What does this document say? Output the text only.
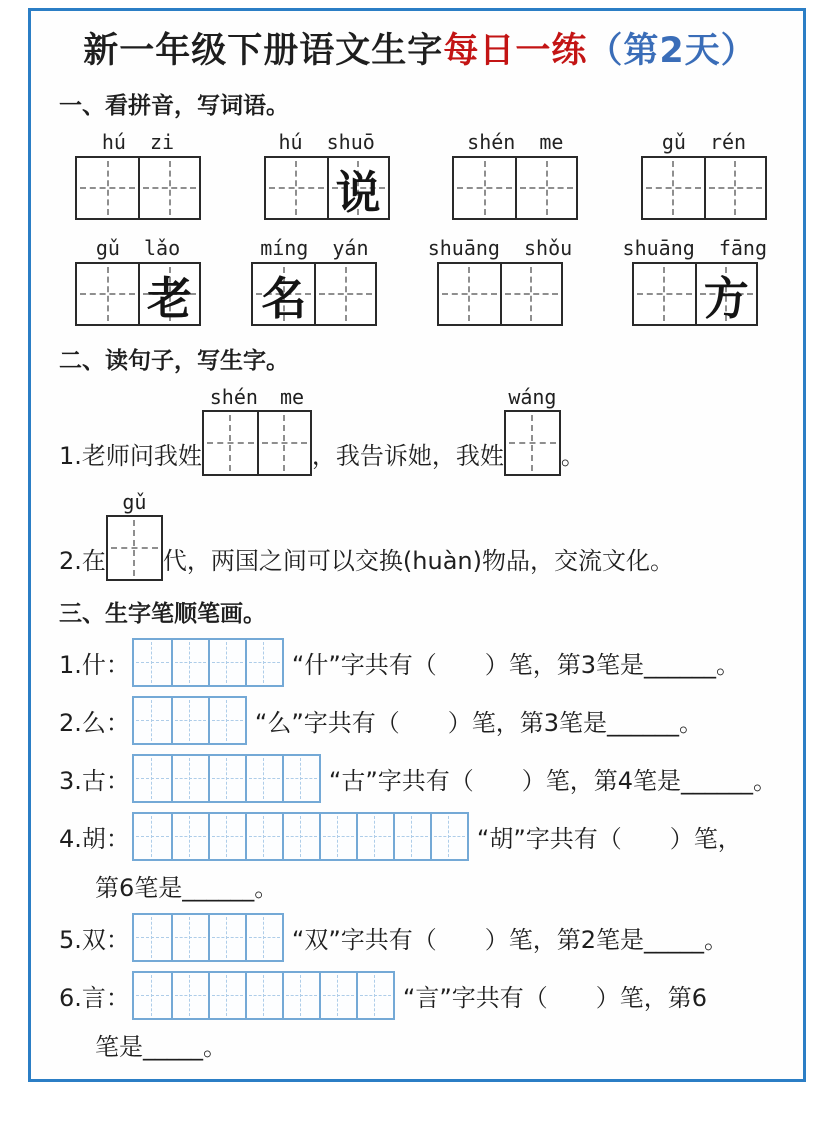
新一年级下册语文生字每日一练（第2天）
一、看拼音，写词语。
hú zi	hú shuō
说
shén me	gǔ rén
gǔ lǎo
老
míng yán
名
shuāng shǒu	shuāng fāng
方
二、读句子，写生字。
1.老师问我姓
shén me
，我告诉她，我姓
wáng
。
2.在
gǔ
代，两国之间可以交换(huàn)物品，交流文化。
三、生字笔顺笔画。
1.什：	“什”字共有（　　）笔，第3笔是______。
2.么：	“么”字共有（　　）笔，第3笔是______。
3.古：	“古”字共有（　　）笔，第4笔是______。
4.胡：	“胡”字共有（　　）笔，
第6笔是______。
5.双：	“双”字共有（　　）笔，第2笔是_____。
6.言：	“言”字共有（　　）笔，第6
笔是_____。
